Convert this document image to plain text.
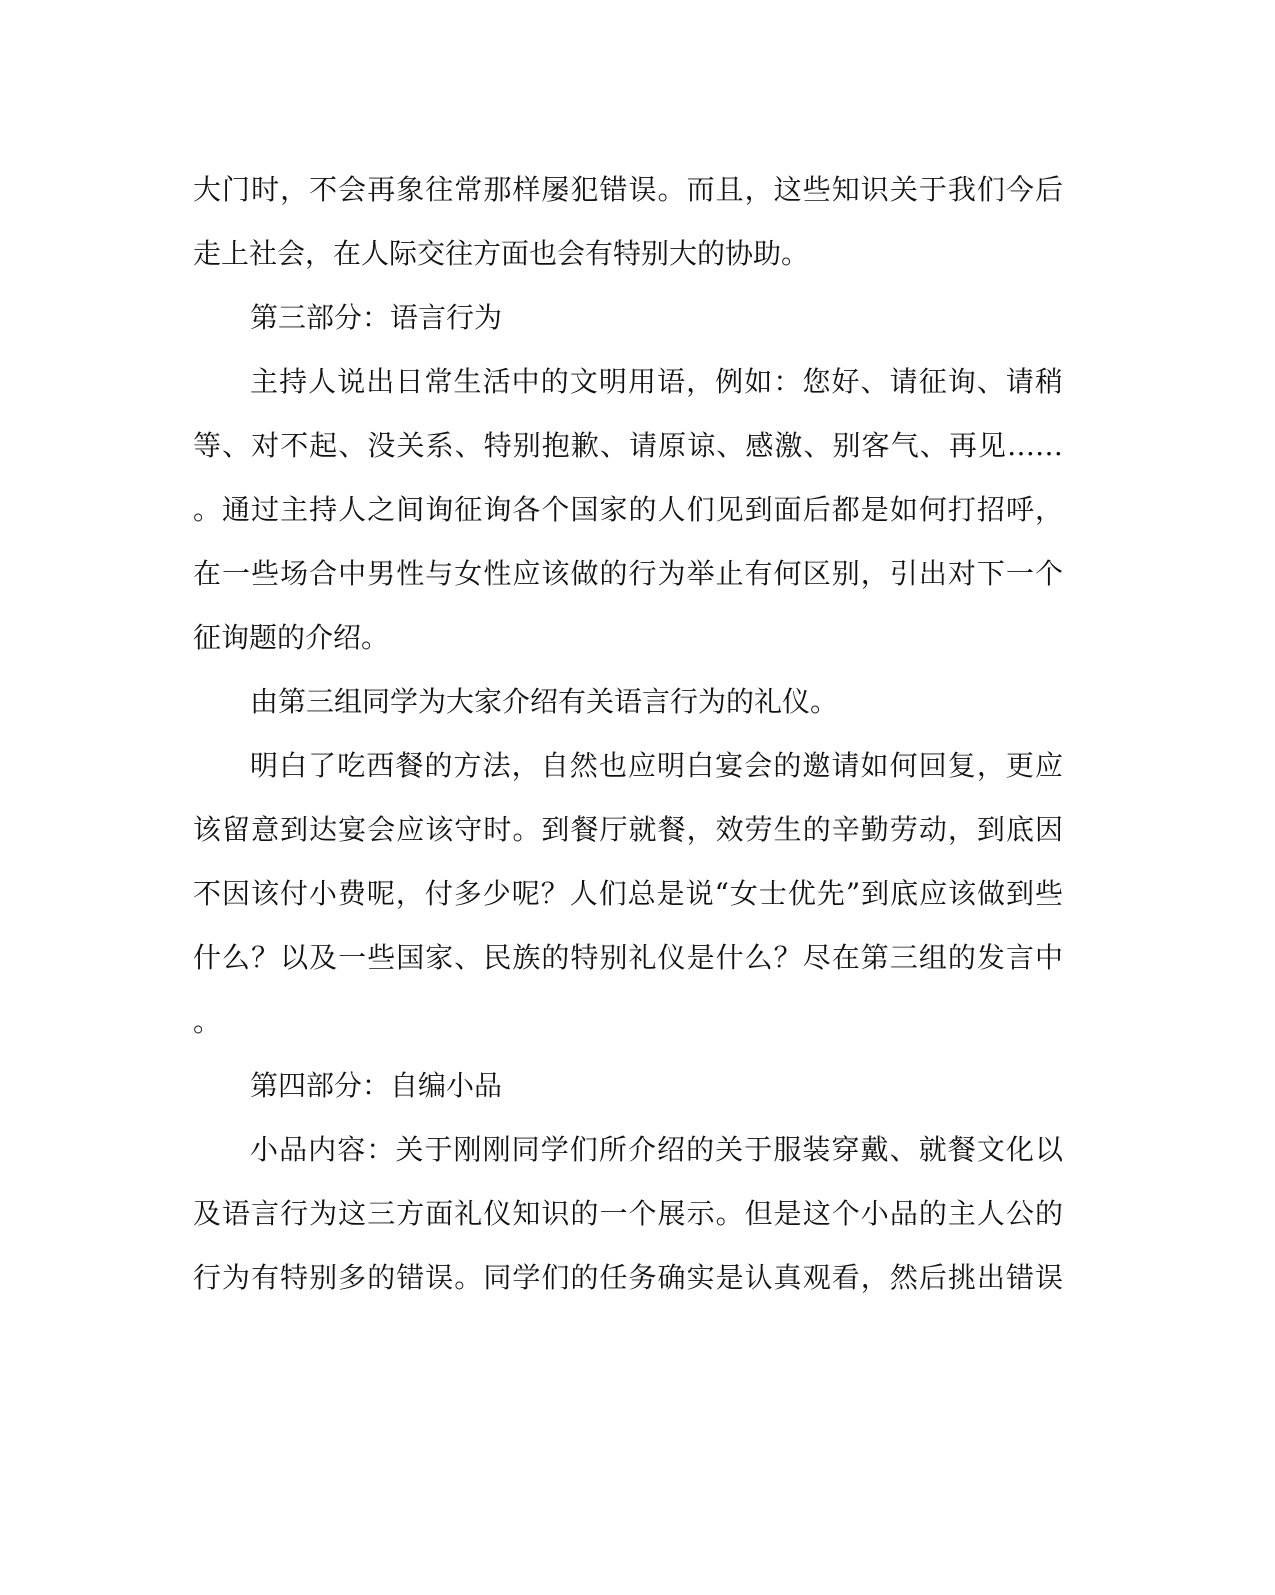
大门时，不会再象往常那样屡犯错误。而且，这些知识关于我们今后
走上社会，在人际交往方面也会有特别大的协助。
第三部分：语言行为
主持人说出日常生活中的文明用语，例如：您好、请征询、请稍
等、对不起、没关系、特别抱歉、请原谅、感激、别客气、再见……
。通过主持人之间询征询各个国家的人们见到面后都是如何打招呼，
在一些场合中男性与女性应该做的行为举止有何区别，引出对下一个
征询题的介绍。
由第三组同学为大家介绍有关语言行为的礼仪。
明白了吃西餐的方法，自然也应明白宴会的邀请如何回复，更应
该留意到达宴会应该守时。到餐厅就餐，效劳生的辛勤劳动，到底因
不因该付小费呢，付多少呢？人们总是说“女士优先”到底应该做到些
什么？以及一些国家、民族的特别礼仪是什么？尽在第三组的发言中
。
第四部分：自编小品
小品内容：关于刚刚同学们所介绍的关于服装穿戴、就餐文化以
及语言行为这三方面礼仪知识的一个展示。但是这个小品的主人公的
行为有特别多的错误。同学们的任务确实是认真观看，然后挑出错误
